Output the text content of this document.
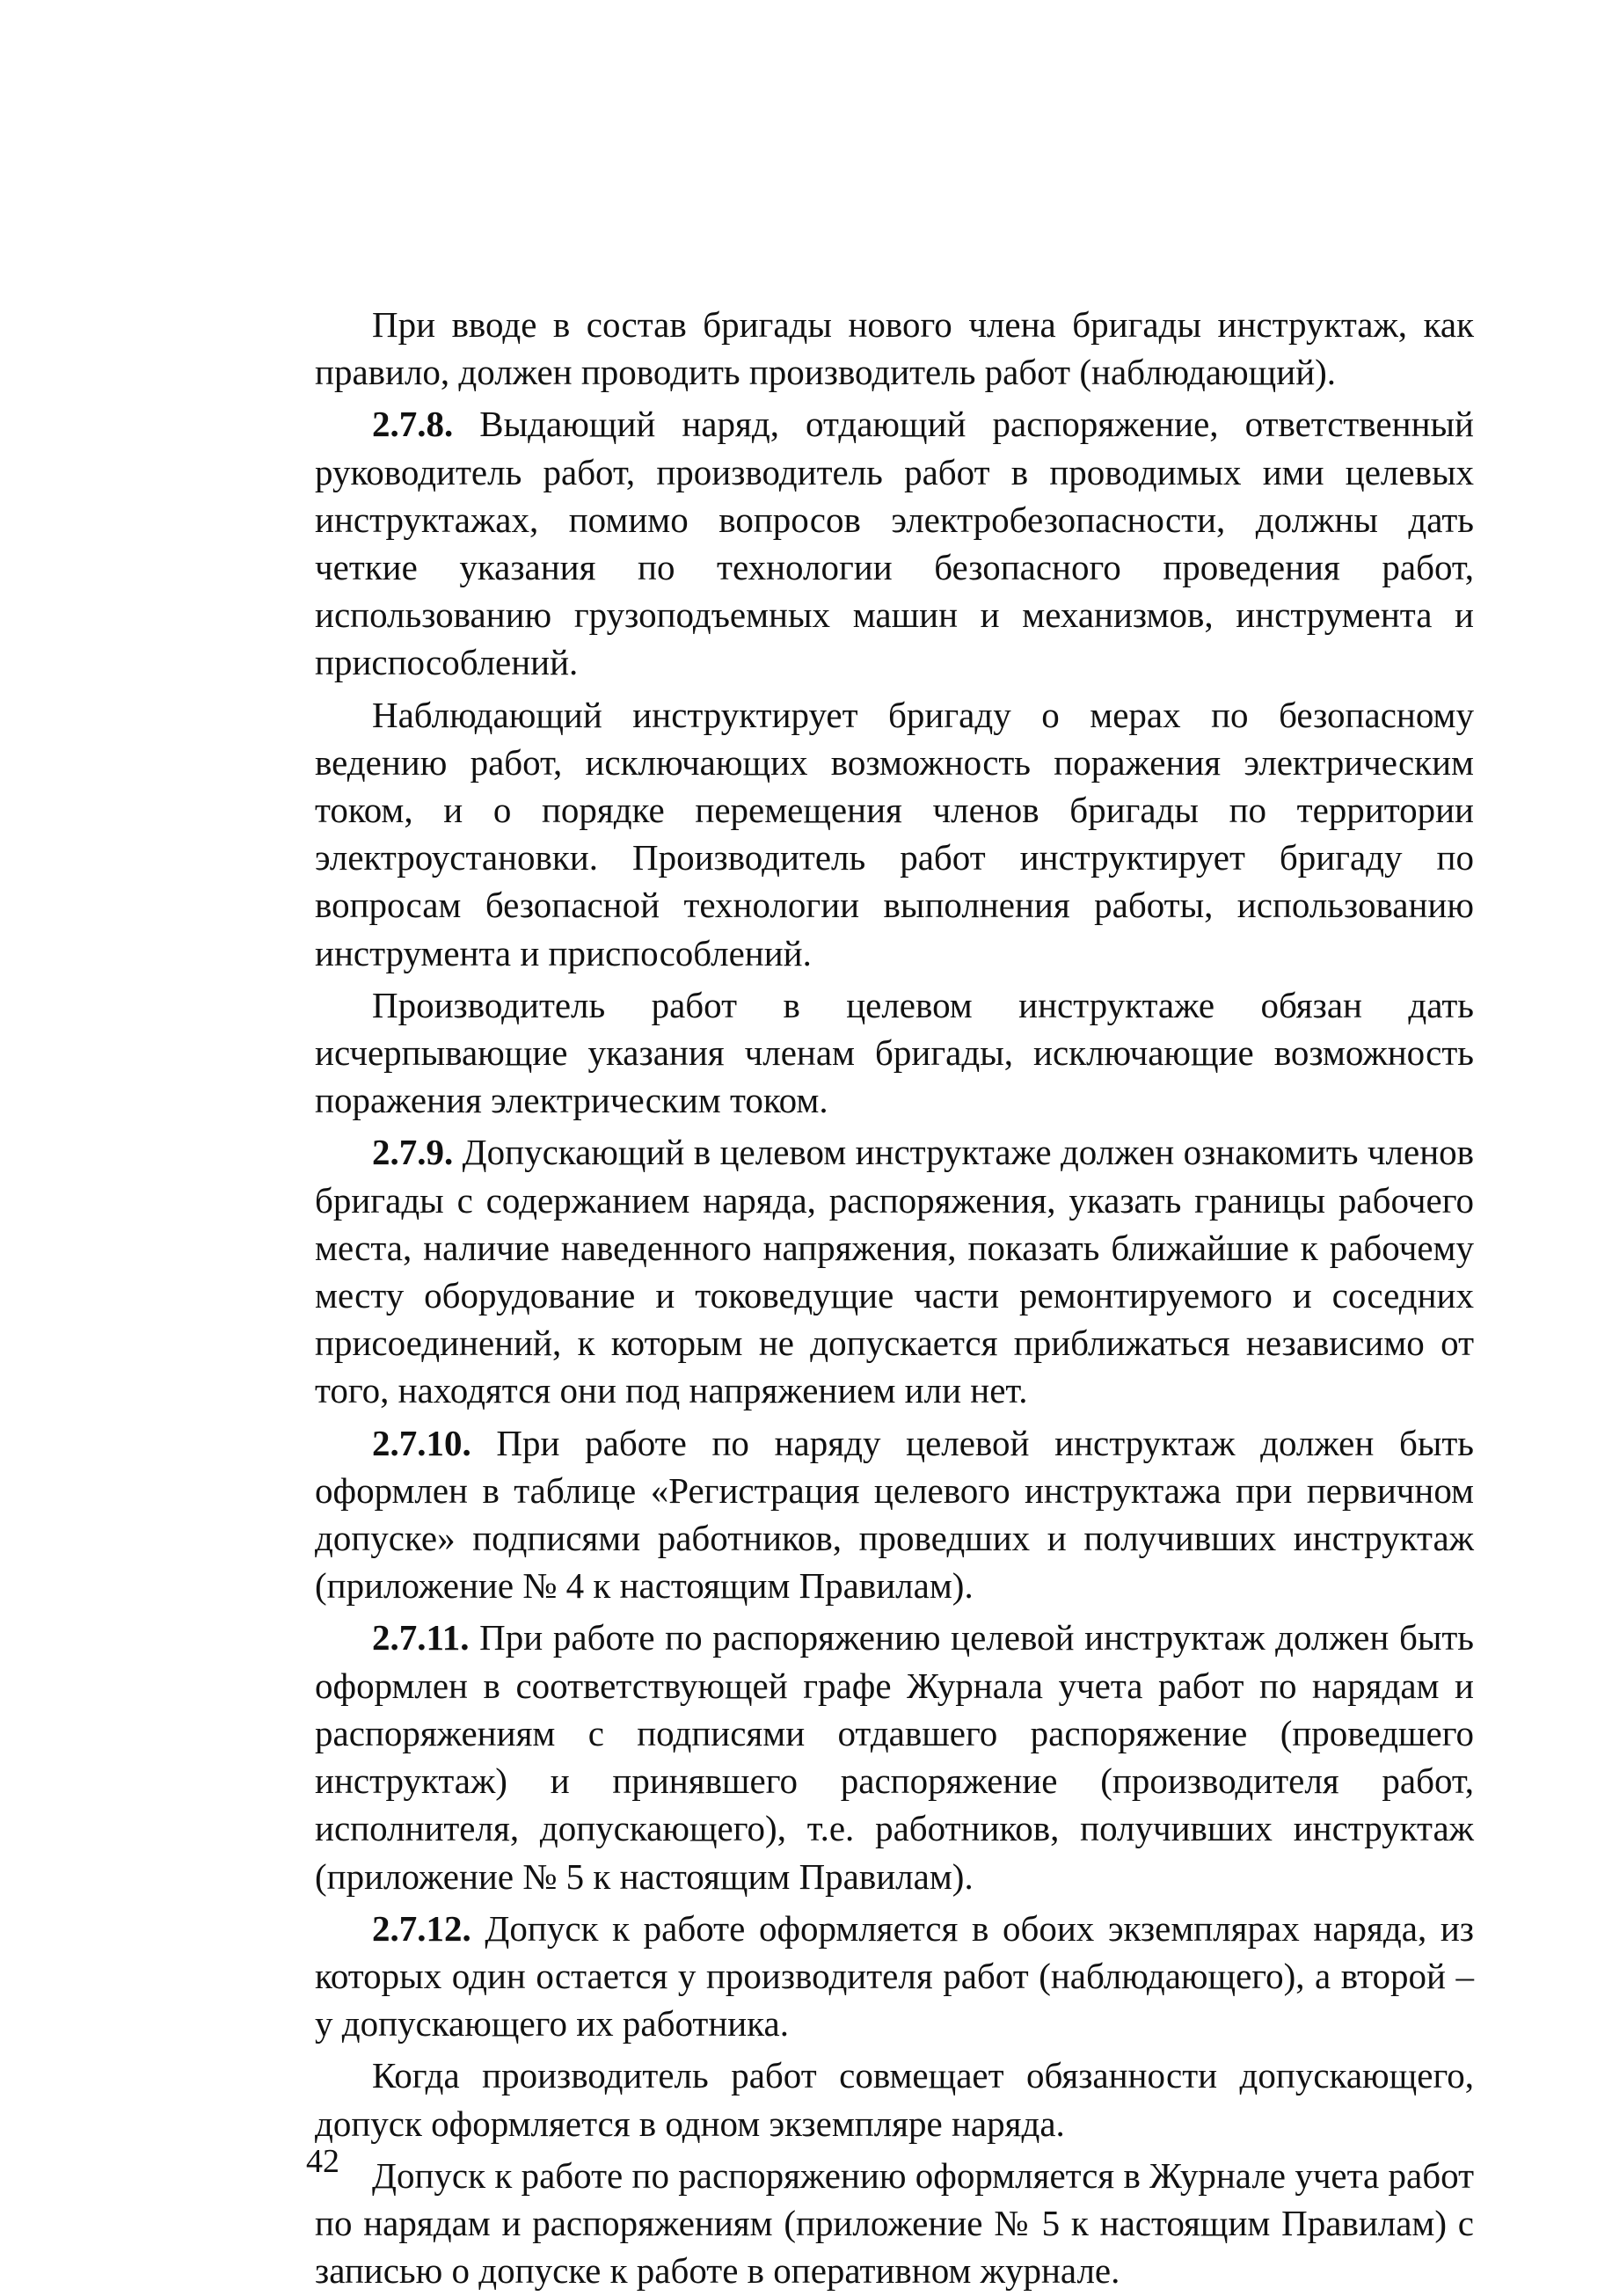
При вводе в состав бригады нового члена бригады инструктаж, как правило, должен проводить производитель работ (наблюдающий).

2.7.8. Выдающий наряд, отдающий распоряжение, ответственный руководитель работ, производитель работ в проводимых ими целевых инструктажах, помимо вопросов электробезопасности, должны дать четкие указания по технологии безопасного проведения работ, использованию грузоподъемных машин и механизмов, инструмента и приспособлений.

Наблюдающий инструктирует бригаду о мерах по безопасному ведению работ, исключающих возможность поражения электрическим током, и о порядке перемещения членов бригады по территории электроустановки. Производитель работ инструктирует бригаду по вопросам безопасной технологии выполнения работы, использованию инструмента и приспособлений.

Производитель работ в целевом инструктаже обязан дать исчерпывающие указания членам бригады, исключающие возможность поражения электрическим током.

2.7.9. Допускающий в целевом инструктаже должен ознакомить членов бригады с содержанием наряда, распоряжения, указать границы рабочего места, наличие наведенного напряжения, показать ближайшие к рабочему месту оборудование и токоведущие части ремонтируемого и соседних присоединений, к которым не допускается приближаться независимо от того, находятся они под напряжением или нет.

2.7.10. При работе по наряду целевой инструктаж должен быть оформлен в таблице «Регистрация целевого инструктажа при первичном допуске» подписями работников, проведших и получивших инструктаж (приложение № 4 к настоящим Правилам).

2.7.11. При работе по распоряжению целевой инструктаж должен быть оформлен в соответствующей графе Журнала учета работ по нарядам и распоряжениям с подписями отдавшего распоряжение (проведшего инструктаж) и принявшего распоряжение (производителя работ, исполнителя, допускающего), т.е. работников, получивших инструктаж (приложение № 5 к настоящим Правилам).

2.7.12. Допуск к работе оформляется в обоих экземплярах наряда, из которых один остается у производителя работ (наблюдающего), а второй – у допускающего их работника.

Когда производитель работ совмещает обязанности допускающего, допуск оформляется в одном экземпляре наряда.

Допуск к работе по распоряжению оформляется в Журнале учета работ по нарядам и распоряжениям (приложение № 5 к настоящим Правилам) с записью о допуске к работе в оперативном журнале.

42
